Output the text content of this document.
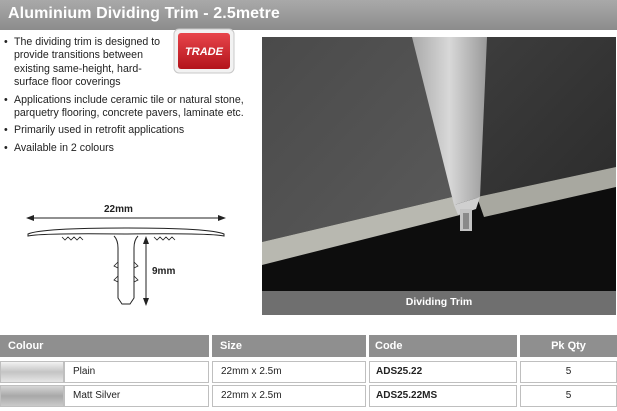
Aluminium Dividing Trim - 2.5metre
TRADE
• The dividing trim is designed to provide transitions between existing same-height, hard-surface floor coverings
• Applications include ceramic tile or natural stone, parquetry flooring, concrete pavers, laminate etc.
• Primarily used in retrofit applications
• Available in 2 colours
22mm
9mm
Dividing Trim
Colour	Size	Code	Pk Qty
Plain	22mm x 2.5m	ADS25.22	5
Matt Silver	22mm x 2.5m	ADS25.22MS	5
